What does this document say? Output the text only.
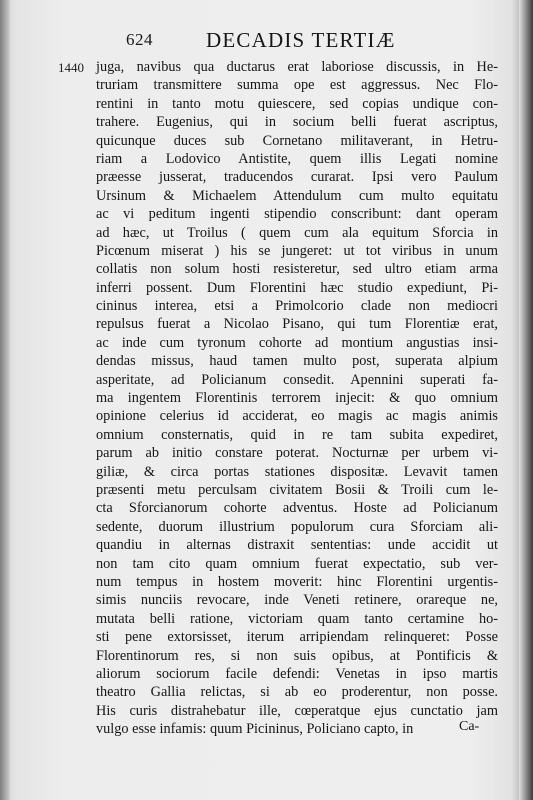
624	DECADIS TERTIÆ
1440 juga, navibus qua ductarus erat laboriose discussis, in He-
truriam transmittere summa ope est aggressus. Nec Flo-
rentini in tanto motu quiescere, sed copias undique con-
trahere. Eugenius, qui in socium belli fuerat ascriptus,
quicunque duces sub Cornetano militaverant, in Hetru-
riam a Lodovico Antistite, quem illis Legati nomine
præesse jusserat, traducendos curarat. Ipsi vero Paulum
Ursinum & Michaelem Attendulum cum multo equitatu
ac vi peditum ingenti stipendio conscribunt: dant operam
ad hæc, ut Troilus ( quem cum ala equitum Sforcia in
Picœnum miserat ) his se jungeret: ut tot viribus in unum
collatis non solum hosti resisteretur, sed ultro etiam arma
inferri possent. Dum Florentini hæc studio expediunt, Pi-
cininus interea, etsi a Primolcorio clade non mediocri
repulsus fuerat a Nicolao Pisano, qui tum Florentiæ erat,
ac inde cum tyronum cohorte ad montium angustias insi-
dendas missus, haud tamen multo post, superata alpium
asperitate, ad Policianum consedit. Apennini superati fa-
ma ingentem Florentinis terrorem injecit: & quo omnium
opinione celerius id acciderat, eo magis ac magis animis
omnium consternatis, quid in re tam subita expediret,
parum ab initio constare poterat. Nocturnæ per urbem vi-
giliæ, & circa portas stationes dispositæ. Levavit tamen
præsenti metu perculsam civitatem Bosii & Troili cum le-
cta Sforcianorum cohorte adventus. Hoste ad Policianum
sedente, duorum illustrium populorum cura Sforciam ali-
quandiu in alternas distraxit sententias: unde accidit ut
non tam cito quam omnium fuerat expectatio, sub ver-
num tempus in hostem moverit: hinc Florentini urgentis-
simis nunciis revocare, inde Veneti retinere, orareque ne,
mutata belli ratione, victoriam quam tanto certamine ho-
sti pene extorsisset, iterum arripiendam relinqueret: Posse
Florentinorum res, si non suis opibus, at Pontificis &
aliorum sociorum facile defendi: Venetas in ipso martis
theatro Gallia relictas, si ab eo proderentur, non posse.
His curis distrahebatur ille, cœperatque ejus cunctatio jam
vulgo esse infamis: quum Picininus, Policiano capto, in	Ca-
